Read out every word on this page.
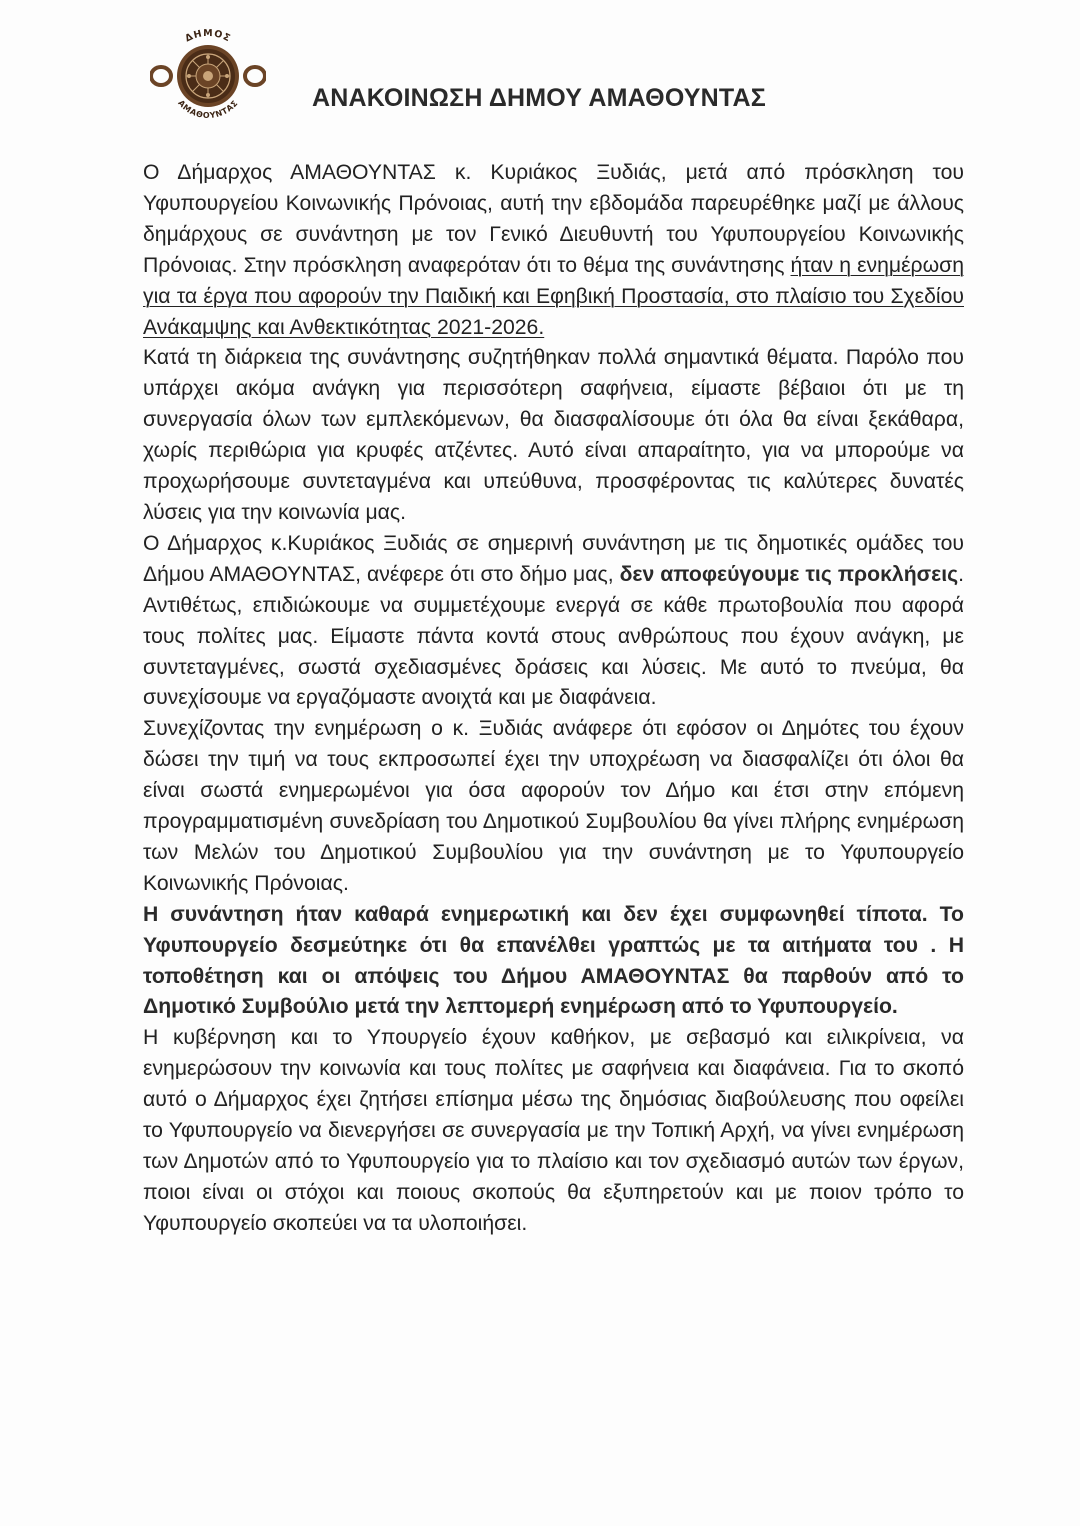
ΔΗΜΟΣ
ΑΜΑΘΟΥΝΤΑΣ	ΑΝΑΚΟΙΝΩΣΗ ΔΗΜΟΥ ΑΜΑΘΟΥΝΤΑΣ

Ο Δήμαρχος ΑΜΑΘΟΥΝΤΑΣ κ. Κυριάκος Ξυδιάς, μετά από πρόσκληση του Υφυπουργείου Κοινωνικής Πρόνοιας, αυτή την εβδομάδα παρευρέθηκε μαζί με άλλους δημάρχους σε συνάντηση με τον Γενικό Διευθυντή του Υφυπουργείου Κοινωνικής Πρόνοιας. Στην πρόσκληση αναφερόταν ότι το θέμα της συνάντησης ήταν η ενημέρωση για τα έργα που αφορούν την Παιδική και Εφηβική Προστασία, στο πλαίσιο του Σχεδίου Ανάκαμψης και Ανθεκτικότητας 2021-2026.

Κατά τη διάρκεια της συνάντησης συζητήθηκαν πολλά σημαντικά θέματα. Παρόλο που υπάρχει ακόμα ανάγκη για περισσότερη σαφήνεια, είμαστε βέβαιοι ότι με τη συνεργασία όλων των εμπλεκόμενων, θα διασφαλίσουμε ότι όλα θα είναι ξεκάθαρα, χωρίς περιθώρια για κρυφές ατζέντες. Αυτό είναι απαραίτητο, για να μπορούμε να προχωρήσουμε συντεταγμένα και υπεύθυνα, προσφέροντας τις καλύτερες δυνατές λύσεις για την κοινωνία μας.

Ο Δήμαρχος κ.Κυριάκος Ξυδιάς σε σημερινή συνάντηση με τις δημοτικές ομάδες του Δήμου ΑΜΑΘΟΥΝΤΑΣ, ανέφερε ότι στο δήμο μας, δεν αποφεύγουμε τις προκλήσεις. Αντιθέτως, επιδιώκουμε να συμμετέχουμε ενεργά σε κάθε πρωτοβουλία που αφορά τους πολίτες μας. Είμαστε πάντα κοντά στους ανθρώπους που έχουν ανάγκη, με συντεταγμένες, σωστά σχεδιασμένες δράσεις και λύσεις. Με αυτό το πνεύμα, θα συνεχίσουμε να εργαζόμαστε ανοιχτά και με διαφάνεια.

Συνεχίζοντας την ενημέρωση ο κ. Ξυδιάς ανάφερε ότι εφόσον οι Δημότες του έχουν δώσει την τιμή να τους εκπροσωπεί έχει την υποχρέωση να διασφαλίζει ότι όλοι θα είναι σωστά ενημερωμένοι για όσα αφορούν τον Δήμο και έτσι στην επόμενη προγραμματισμένη συνεδρίαση του Δημοτικού Συμβουλίου θα γίνει πλήρης ενημέρωση των Μελών του Δημοτικού Συμβουλίου για την συνάντηση με το Υφυπουργείο Κοινωνικής Πρόνοιας.

Η συνάντηση ήταν καθαρά ενημερωτική και δεν έχει συμφωνηθεί τίποτα. Το Υφυπουργείο δεσμεύτηκε ότι θα επανέλθει γραπτώς με τα αιτήματα του . Η τοποθέτηση και οι απόψεις του Δήμου ΑΜΑΘΟΥΝΤΑΣ θα παρθούν από το Δημοτικό Συμβούλιο μετά την λεπτομερή ενημέρωση από το Υφυπουργείο.

Η κυβέρνηση και το Υπουργείο έχουν καθήκον, με σεβασμό και ειλικρίνεια, να ενημερώσουν την κοινωνία και τους πολίτες με σαφήνεια και διαφάνεια. Για το σκοπό αυτό ο Δήμαρχος έχει ζητήσει επίσημα μέσω της δημόσιας διαβούλευσης που οφείλει το Υφυπουργείο να διενεργήσει σε συνεργασία με την Τοπική Αρχή, να γίνει ενημέρωση των Δημοτών από το Υφυπουργείο για το πλαίσιο και τον σχεδιασμό αυτών των έργων, ποιοι είναι οι στόχοι και ποιους σκοπούς θα εξυπηρετούν και με ποιον τρόπο το Υφυπουργείο σκοπεύει να τα υλοποιήσει.
